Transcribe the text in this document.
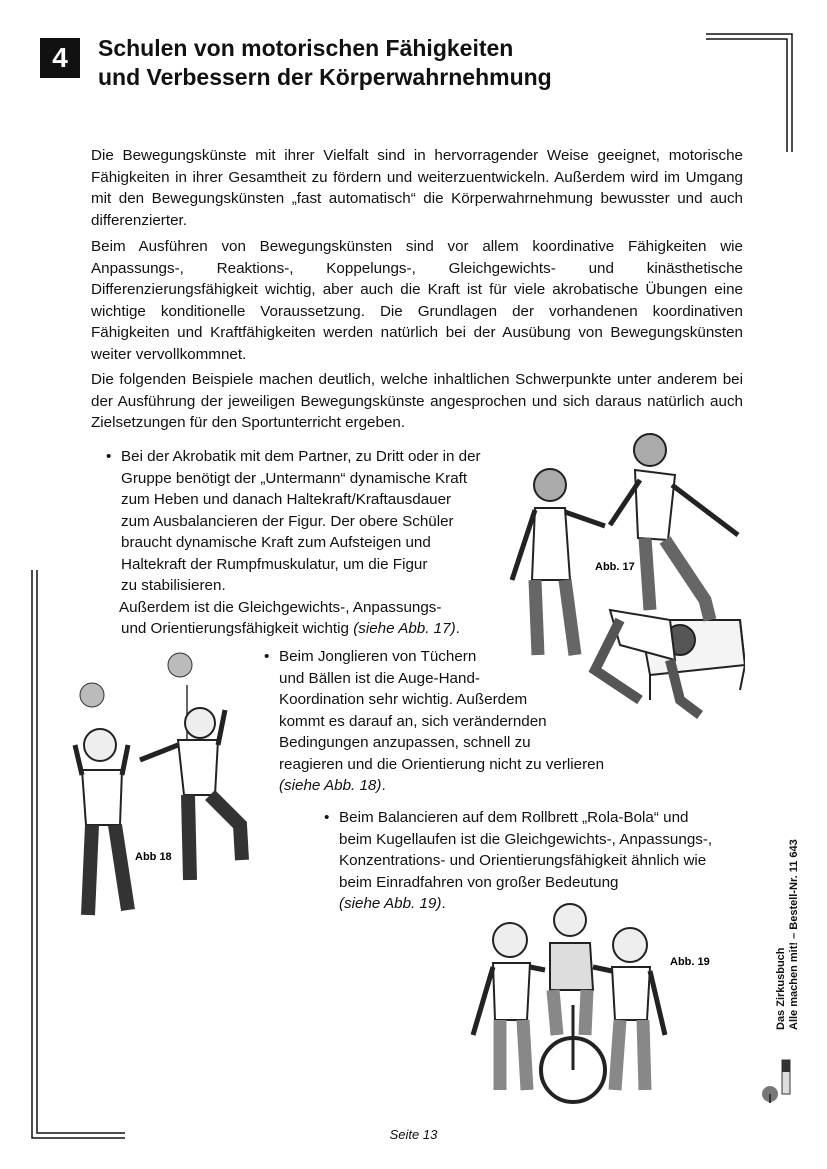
4	Schulen von motorischen Fähigkeiten
und Verbessern der Körperwahrnehmung

Die Bewegungskünste mit ihrer Vielfalt sind in hervorragender Weise geeignet, motorische Fähigkeiten in ihrer Gesamtheit zu fördern und weiterzuentwickeln. Außerdem wird im Umgang mit den Bewegungskünsten „fast automatisch“ die Körperwahrnehmung bewusster und auch differenzierter.

Beim Ausführen von Bewegungskünsten sind vor allem koordinative Fähigkeiten wie Anpassungs-, Reaktions-, Koppelungs-, Gleichgewichts- und kinästhetische Differenzierungsfähigkeit wichtig, aber auch die Kraft ist für viele akrobatische Übungen eine wichtige konditionelle Voraussetzung. Die Grundlagen der vorhandenen koordinativen Fähigkeiten und Kraftfähigkeiten werden natürlich bei der Ausübung von Bewegungskünsten weiter vervollkommnet.

Die folgenden Beispiele machen deutlich, welche inhaltlichen Schwerpunkte unter anderem bei der Ausführung der jeweiligen Bewegungskünste angesprochen und sich daraus natürlich auch Zielsetzungen für den Sportunterricht ergeben.

• Bei der Akrobatik mit dem Partner, zu Dritt oder in der
Gruppe benötigt der „Untermann“ dynamische Kraft
zum Heben und danach Haltekraft/Kraftausdauer
zum Ausbalancieren der Figur. Der obere Schüler
braucht dynamische Kraft zum Aufsteigen und
Haltekraft der Rumpfmuskulatur, um die Figur
zu stabilisieren.
Außerdem ist die Gleichgewichts-, Anpassungs-
und Orientierungsfähigkeit wichtig (siehe Abb. 17).
• Beim Jonglieren von Tüchern
und Bällen ist die Auge-Hand-
Koordination sehr wichtig. Außerdem
kommt es darauf an, sich verändernden
Bedingungen anzupassen, schnell zu
reagieren und die Orientierung nicht zu verlieren
(siehe Abb. 18).
• Beim Balancieren auf dem Rollbrett „Rola-Bola“ und
beim Kugellaufen ist die Gleichgewichts-, Anpassungs-,
Konzentrations- und Orientierungsfähigkeit ähnlich wie
beim Einradfahren von großer Bedeutung
(siehe Abb. 19).
Abb. 17
Abb 18
Abb. 19	Das Zirkusbuch Alle machen mit! – Bestell-Nr. 11 643
Seite 13
